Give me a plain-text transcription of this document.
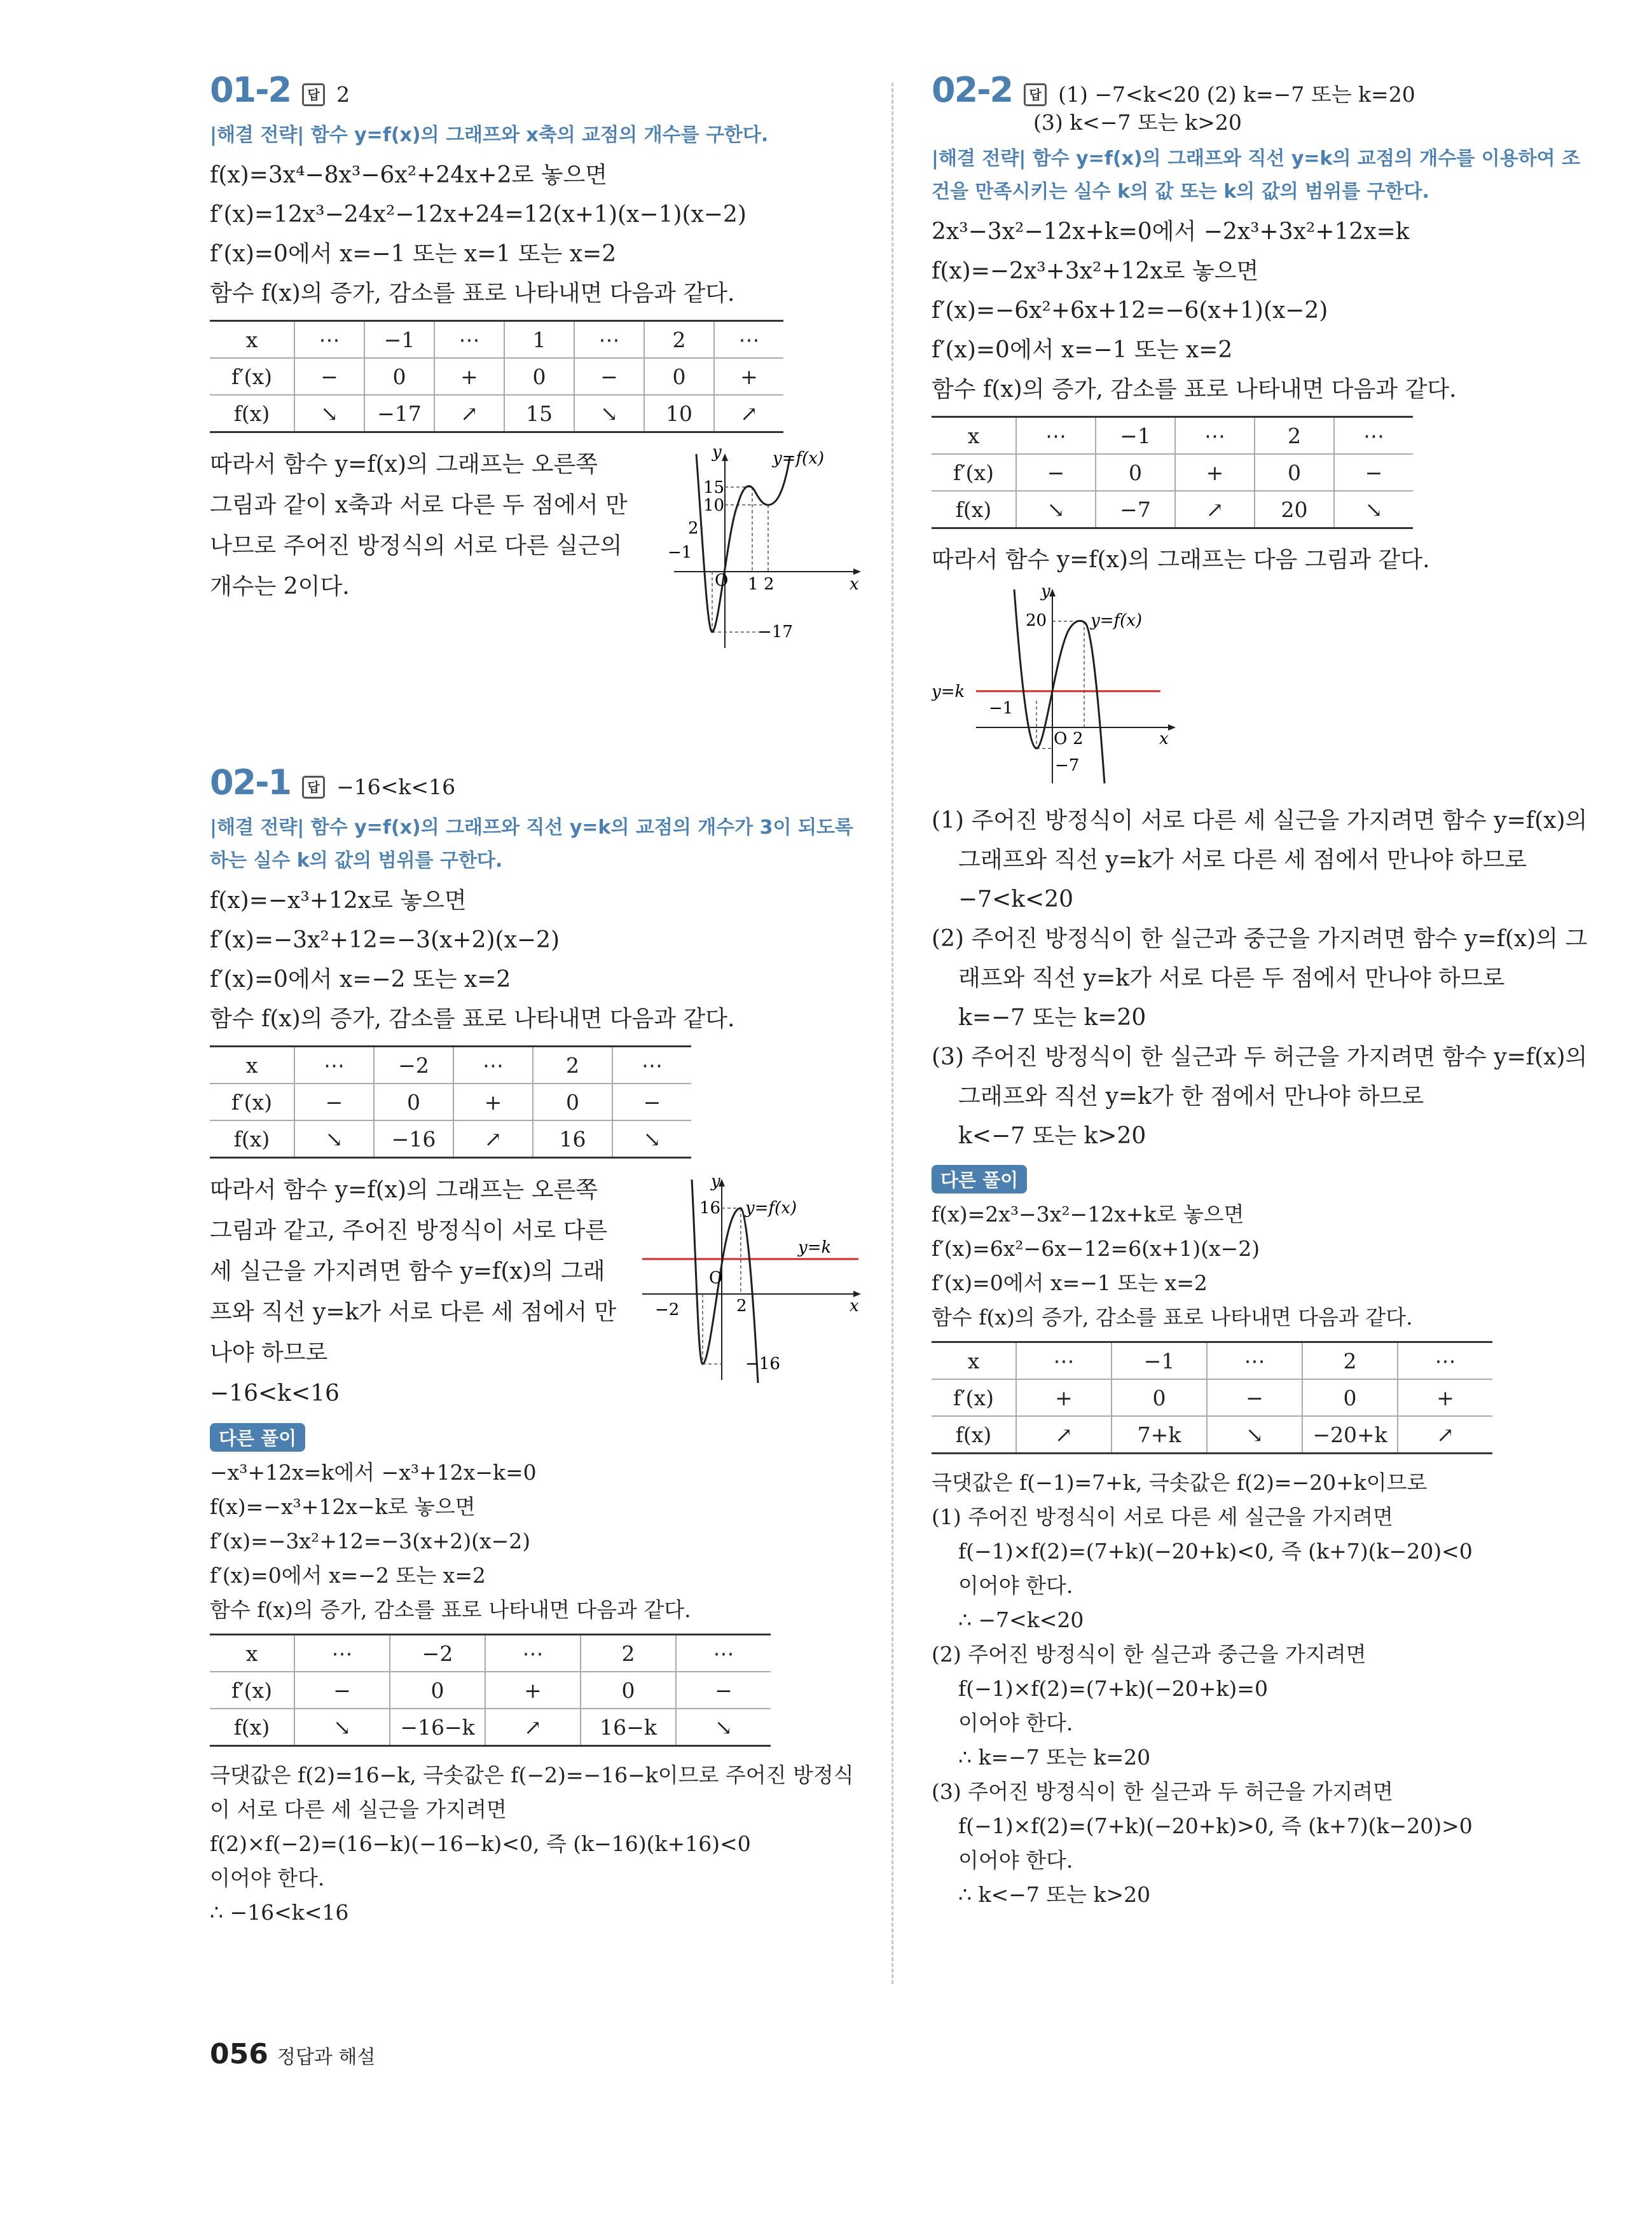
01-2	답 2
|해결 전략| 함수 y=f(x)의 그래프와 x축의 교점의 개수를 구한다.
f(x)=3x⁴−8x³−6x²+24x+2로 놓으면
f′(x)=12x³−24x²−12x+24=12(x+1)(x−1)(x−2)
f′(x)=0에서 x=−1 또는 x=1 또는 x=2
함수 f(x)의 증가, 감소를 표로 나타내면 다음과 같다.
x	⋯	−1	⋯	1	⋯	2	⋯
f′(x)	−	0	+	0	−	0	+
f(x)	↘	−17	↗	15	↘	10	↗
따라서 함수 y=f(x)의 그래프는 오른쪽
그림과 같이 x축과 서로 다른 두 점에서 만
나므로 주어진 방정식의 서로 다른 실근의
개수는 2이다.
y
x
O
y=f(x)
15
10
2
−1
1 2
−17
02-1	답 −16<k<16
|해결 전략| 함수 y=f(x)의 그래프와 직선 y=k의 교점의 개수가 3이 되도록
하는 실수 k의 값의 범위를 구한다.
f(x)=−x³+12x로 놓으면
f′(x)=−3x²+12=−3(x+2)(x−2)
f′(x)=0에서 x=−2 또는 x=2
함수 f(x)의 증가, 감소를 표로 나타내면 다음과 같다.
x	⋯	−2	⋯	2	⋯
f′(x)	−	0	+	0	−
f(x)	↘	−16	↗	16	↘
따라서 함수 y=f(x)의 그래프는 오른쪽
그림과 같고, 주어진 방정식이 서로 다른
세 실근을 가지려면 함수 y=f(x)의 그래
프와 직선 y=k가 서로 다른 세 점에서 만
나야 하므로
−16<k<16
y
x
O
y=f(x)
y=k
16
−2	2
−16
다른 풀이
−x³+12x=k에서 −x³+12x−k=0
f(x)=−x³+12x−k로 놓으면
f′(x)=−3x²+12=−3(x+2)(x−2)
f′(x)=0에서 x=−2 또는 x=2
함수 f(x)의 증가, 감소를 표로 나타내면 다음과 같다.
x	⋯	−2	⋯	2	⋯
f′(x)	−	0	+	0	−
f(x)	↘	−16−k	↗	16−k	↘
극댓값은 f(2)=16−k, 극솟값은 f(−2)=−16−k이므로 주어진 방정식
이 서로 다른 세 실근을 가지려면
f(2)×f(−2)=(16−k)(−16−k)<0, 즉 (k−16)(k+16)<0
이어야 한다.
∴ −16<k<16
02-2	답 (1) −7<k<20 (2) k=−7 또는 k=20
(3) k<−7 또는 k>20
|해결 전략| 함수 y=f(x)의 그래프와 직선 y=k의 교점의 개수를 이용하여 조
건을 만족시키는 실수 k의 값 또는 k의 값의 범위를 구한다.
2x³−3x²−12x+k=0에서 −2x³+3x²+12x=k
f(x)=−2x³+3x²+12x로 놓으면
f′(x)=−6x²+6x+12=−6(x+1)(x−2)
f′(x)=0에서 x=−1 또는 x=2
함수 f(x)의 증가, 감소를 표로 나타내면 다음과 같다.
x	⋯	−1	⋯	2	⋯
f′(x)	−	0	+	0	−
f(x)	↘	−7	↗	20	↘
따라서 함수 y=f(x)의 그래프는 다음 그림과 같다.
y
x
O
y=f(x)
y=k
20
−1
2
−7
(1) 주어진 방정식이 서로 다른 세 실근을 가지려면 함수 y=f(x)의
그래프와 직선 y=k가 서로 다른 세 점에서 만나야 하므로
−7<k<20
(2) 주어진 방정식이 한 실근과 중근을 가지려면 함수 y=f(x)의 그
래프와 직선 y=k가 서로 다른 두 점에서 만나야 하므로
k=−7 또는 k=20
(3) 주어진 방정식이 한 실근과 두 허근을 가지려면 함수 y=f(x)의
그래프와 직선 y=k가 한 점에서 만나야 하므로
k<−7 또는 k>20
다른 풀이
f(x)=2x³−3x²−12x+k로 놓으면
f′(x)=6x²−6x−12=6(x+1)(x−2)
f′(x)=0에서 x=−1 또는 x=2
함수 f(x)의 증가, 감소를 표로 나타내면 다음과 같다.
x	⋯	−1	⋯	2	⋯
f′(x)	+	0	−	0	+
f(x)	↗	7+k	↘	−20+k	↗
극댓값은 f(−1)=7+k, 극솟값은 f(2)=−20+k이므로
(1) 주어진 방정식이 서로 다른 세 실근을 가지려면
f(−1)×f(2)=(7+k)(−20+k)<0, 즉 (k+7)(k−20)<0
이어야 한다.
∴ −7<k<20
(2) 주어진 방정식이 한 실근과 중근을 가지려면
f(−1)×f(2)=(7+k)(−20+k)=0
이어야 한다.
∴ k=−7 또는 k=20
(3) 주어진 방정식이 한 실근과 두 허근을 가지려면
f(−1)×f(2)=(7+k)(−20+k)>0, 즉 (k+7)(k−20)>0
이어야 한다.
∴ k<−7 또는 k>20
056 정답과 해설
